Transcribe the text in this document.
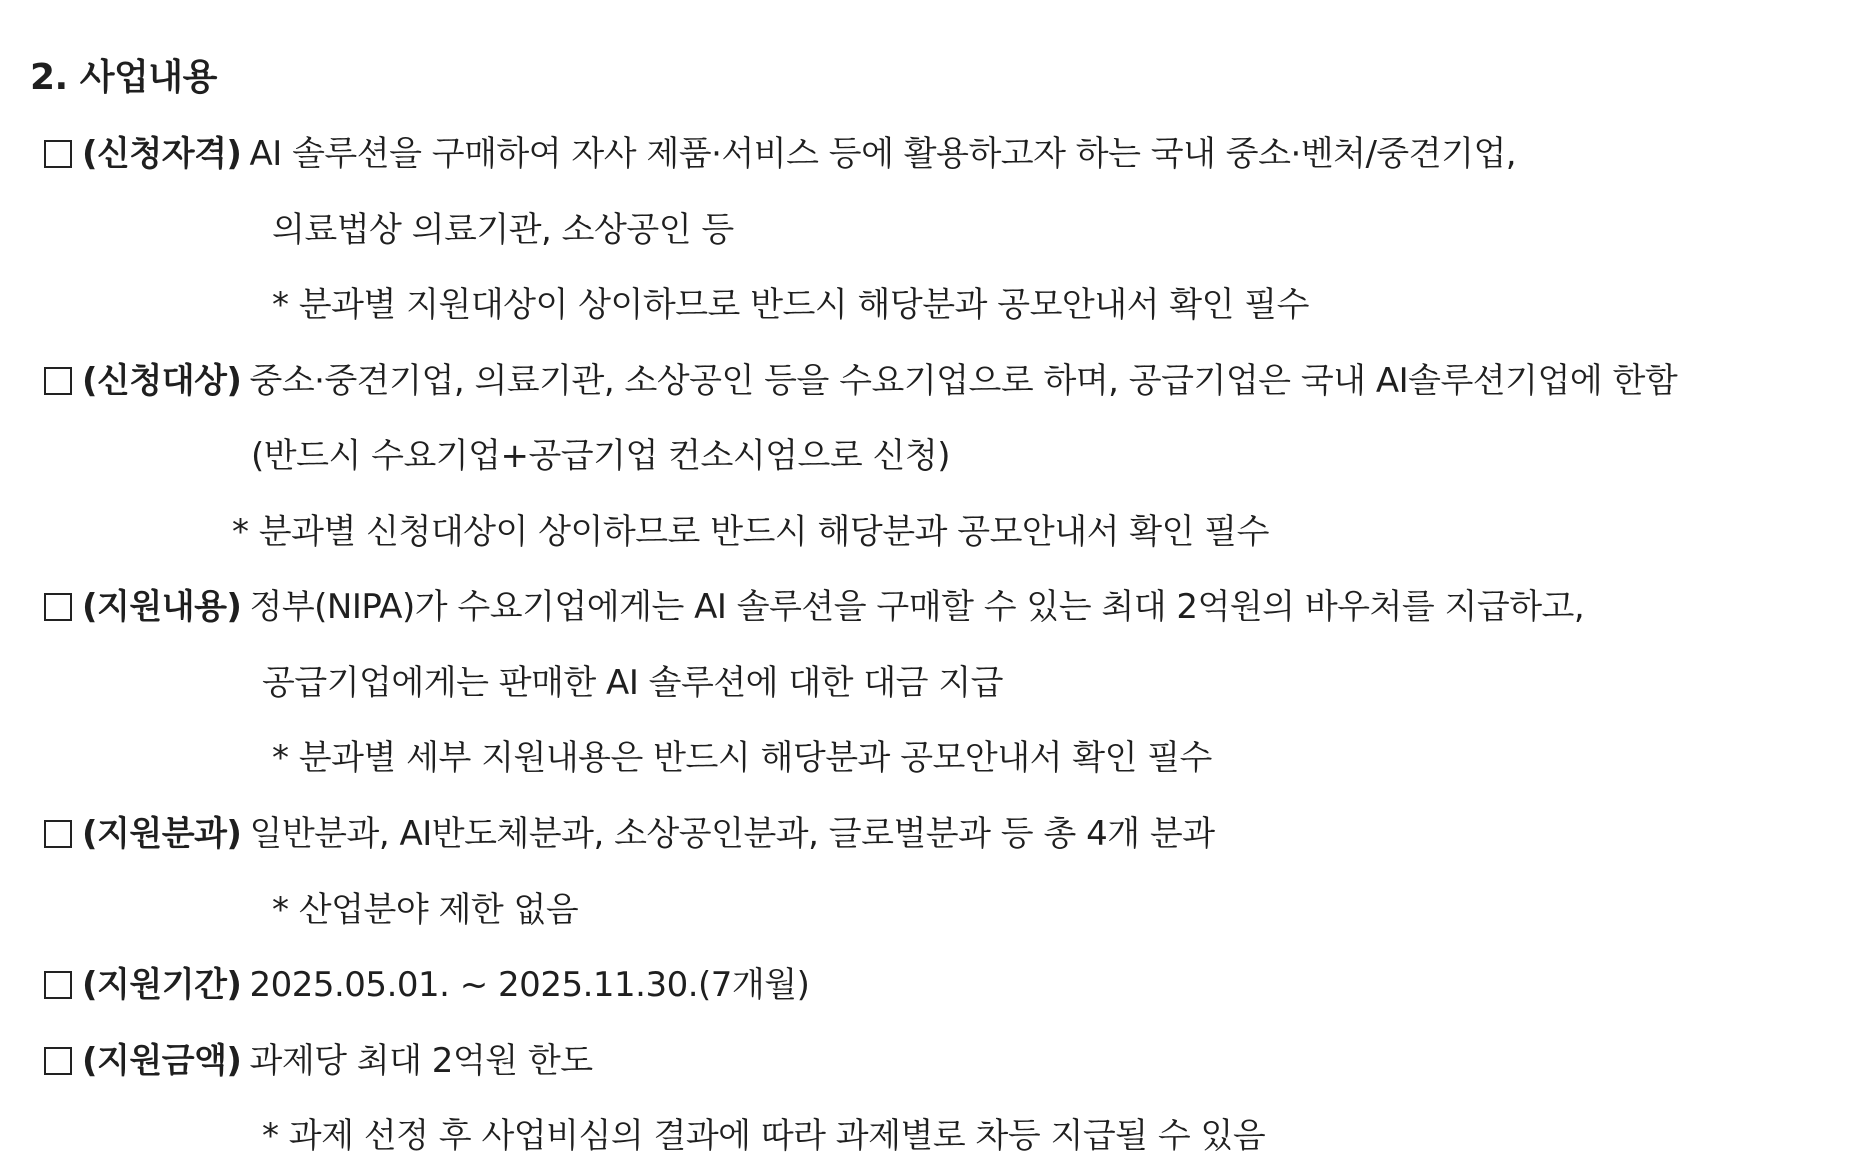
2. 사업내용
(신청자격) AI 솔루션을 구매하여 자사 제품·서비스 등에 활용하고자 하는 국내 중소·벤처/중견기업,
의료법상 의료기관, 소상공인 등
* 분과별 지원대상이 상이하므로 반드시 해당분과 공모안내서 확인 필수
(신청대상) 중소·중견기업, 의료기관, 소상공인 등을 수요기업으로 하며, 공급기업은 국내 AI솔루션기업에 한함
(반드시 수요기업+공급기업 컨소시엄으로 신청)
* 분과별 신청대상이 상이하므로 반드시 해당분과 공모안내서 확인 필수
(지원내용) 정부(NIPA)가 수요기업에게는 AI 솔루션을 구매할 수 있는 최대 2억원의 바우처를 지급하고,
공급기업에게는 판매한 AI 솔루션에 대한 대금 지급
* 분과별 세부 지원내용은 반드시 해당분과 공모안내서 확인 필수
(지원분과) 일반분과, AI반도체분과, 소상공인분과, 글로벌분과 등 총 4개 분과
* 산업분야 제한 없음
(지원기간) 2025.05.01. ~ 2025.11.30.(7개월)
(지원금액) 과제당 최대 2억원 한도
* 과제 선정 후 사업비심의 결과에 따라 과제별로 차등 지급될 수 있음
